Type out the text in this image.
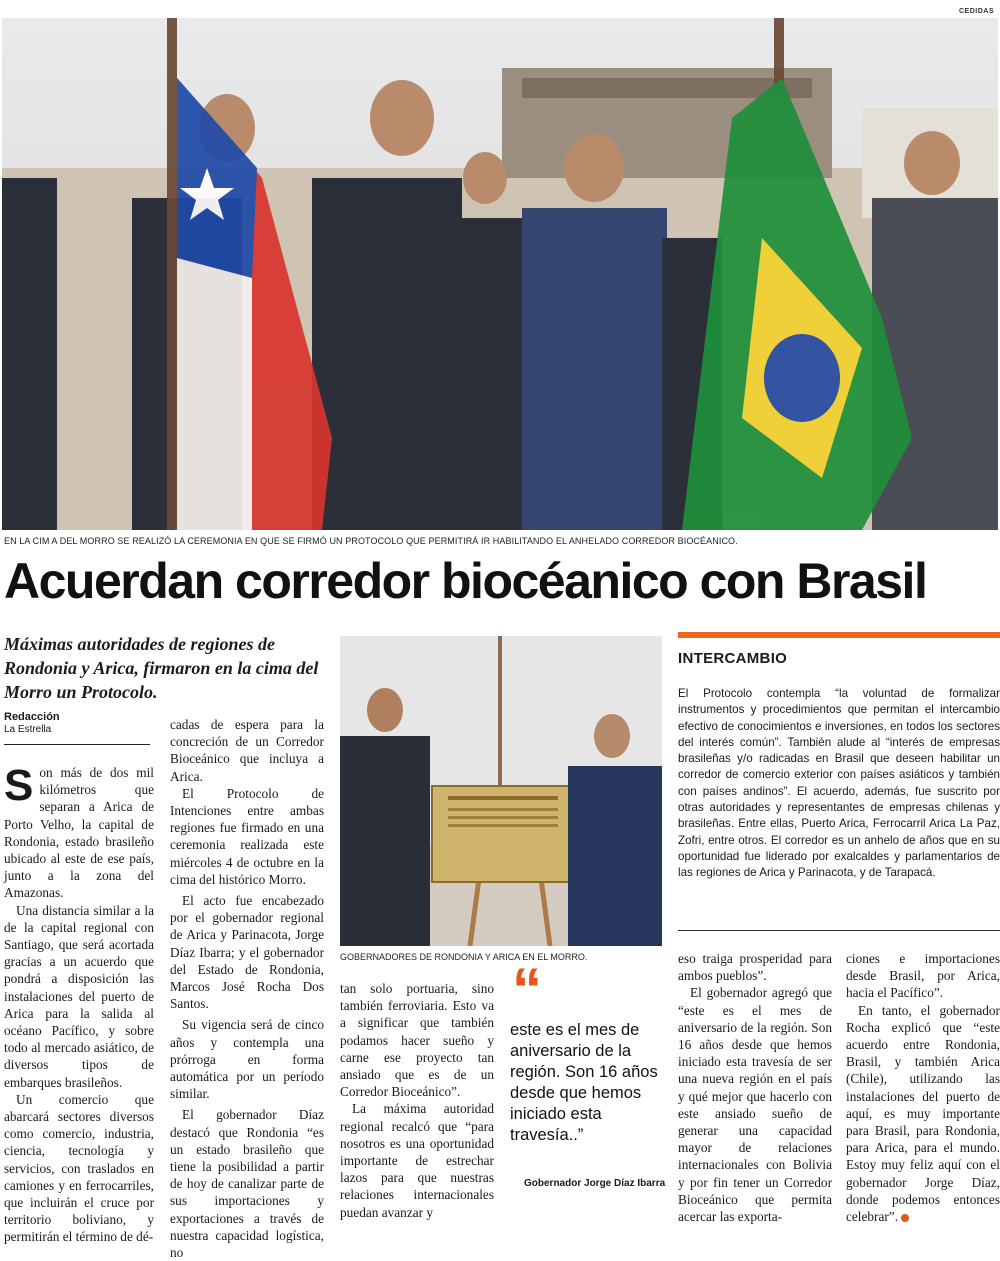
CEDIDAS
EN LA CIM A DEL MORRO SE REALIZÓ LA CEREMONIA EN QUE SE FIRMÓ UN PROTOCOLO QUE PERMITIRÁ IR HABILITANDO EL ANHELADO CORREDOR BIOCÉANICO.
Acuerdan corredor biocéanico con Brasil
Máximas autoridades de regiones de Rondonia y Arica, firmaron en la cima del Morro un Protocolo.
Redacción
La Estrella

Son más de dos mil kilómetros que separan a Arica de Porto Velho, la capital de Rondonia, estado brasileño ubicado al este de ese país, junto a la zona del Amazonas.

Una distancia similar a la de la capital regional con Santiago, que será acortada gracias a un acuerdo que pondrá a disposición las instalaciones del puerto de Arica para la salida al océano Pacífico, y sobre todo al mercado asiático, de diversos tipos de embarques brasileños.

Un comercio que abarcará sectores diversos como comercio, industria, ciencia, tecnología y servicios, con traslados en camiones y en ferrocarriles, que incluirán el cruce por territorio boliviano, y permitirán el término de dé-

cadas de espera para la concreción de un Corredor Bioceánico que incluya a Arica.

El Protocolo de Intenciones entre ambas regiones fue firmado en una ceremonia realizada este miércoles 4 de octubre en la cima del histórico Morro.

El acto fue encabezado por el gobernador regional de Arica y Parinacota, Jorge Díaz Ibarra; y el gobernador del Estado de Rondonia, Marcos José Rocha Dos Santos.

Su vigencia será de cinco años y contempla una prórroga en forma automática por un período similar.

El gobernador Díaz destacó que Rondonia “es un estado brasileño que tiene la posibilidad a partir de hoy de canalizar parte de sus importaciones y exportaciones a través de nuestra capacidad logística, no

GOBERNADORES DE RONDONIA Y ARICA EN EL MORRO.
“
este es el mes de aniversario de la región. Son 16 años desde que hemos iniciado esta travesía..”
Gobernador Jorge Díaz Ibarra

tan solo portuaria, sino también ferroviaria. Esto va a significar que también podamos hacer sueño y carne ese proyecto tan ansiado que es de un Corredor Bioceánico”.

La máxima autoridad regional recalcó que “para nosotros es una oportunidad importante de estrechar lazos para que nuestras relaciones internacionales puedan avanzar y

INTERCAMBIO
El Protocolo contempla “la voluntad de formalizar instrumentos y procedimientos que permitan el intercambio efectivo de conocimientos e inversiones, en todos los sectores del interés común”. También alude al “interés de empresas brasileñas y/o radicadas en Brasil que deseen habilitar un corredor de comercio exterior con países asiáticos y también con países andinos”. El acuerdo, además, fue suscrito por otras autoridades y representantes de empresas chilenas y brasileñas. Entre ellas, Puerto Arica, Ferrocarril Arica La Paz, Zofri, entre otros. El corredor es un anhelo de años que en su oportunidad fue liderado por exalcaldes y parlamentarios de las regiones de Arica y Parinacota, y de Tarapacá.

eso traiga prosperidad para ambos pueblos”.

El gobernador agregó que “este es el mes de aniversario de la región. Son 16 años desde que hemos iniciado esta travesía de ser una nueva región en el país y qué mejor que hacerlo con este ansiado sueño de generar una capacidad mayor de relaciones internacionales con Bolivia y por fin tener un Corredor Bioceánico que permita acercar las exporta-

ciones e importaciones desde Brasil, por Arica, hacia el Pacífico”.

En tanto, el gobernador Rocha explicó que “este acuerdo entre Rondonia, Brasil, y también Arica (Chile), utilizando las instalaciones del puerto de aquí, es muy importante para Brasil, para Rondonia, para Arica, para el mundo. Estoy muy feliz aquí con el gobernador Jorge Díaz, donde podemos entonces celebrar”.
